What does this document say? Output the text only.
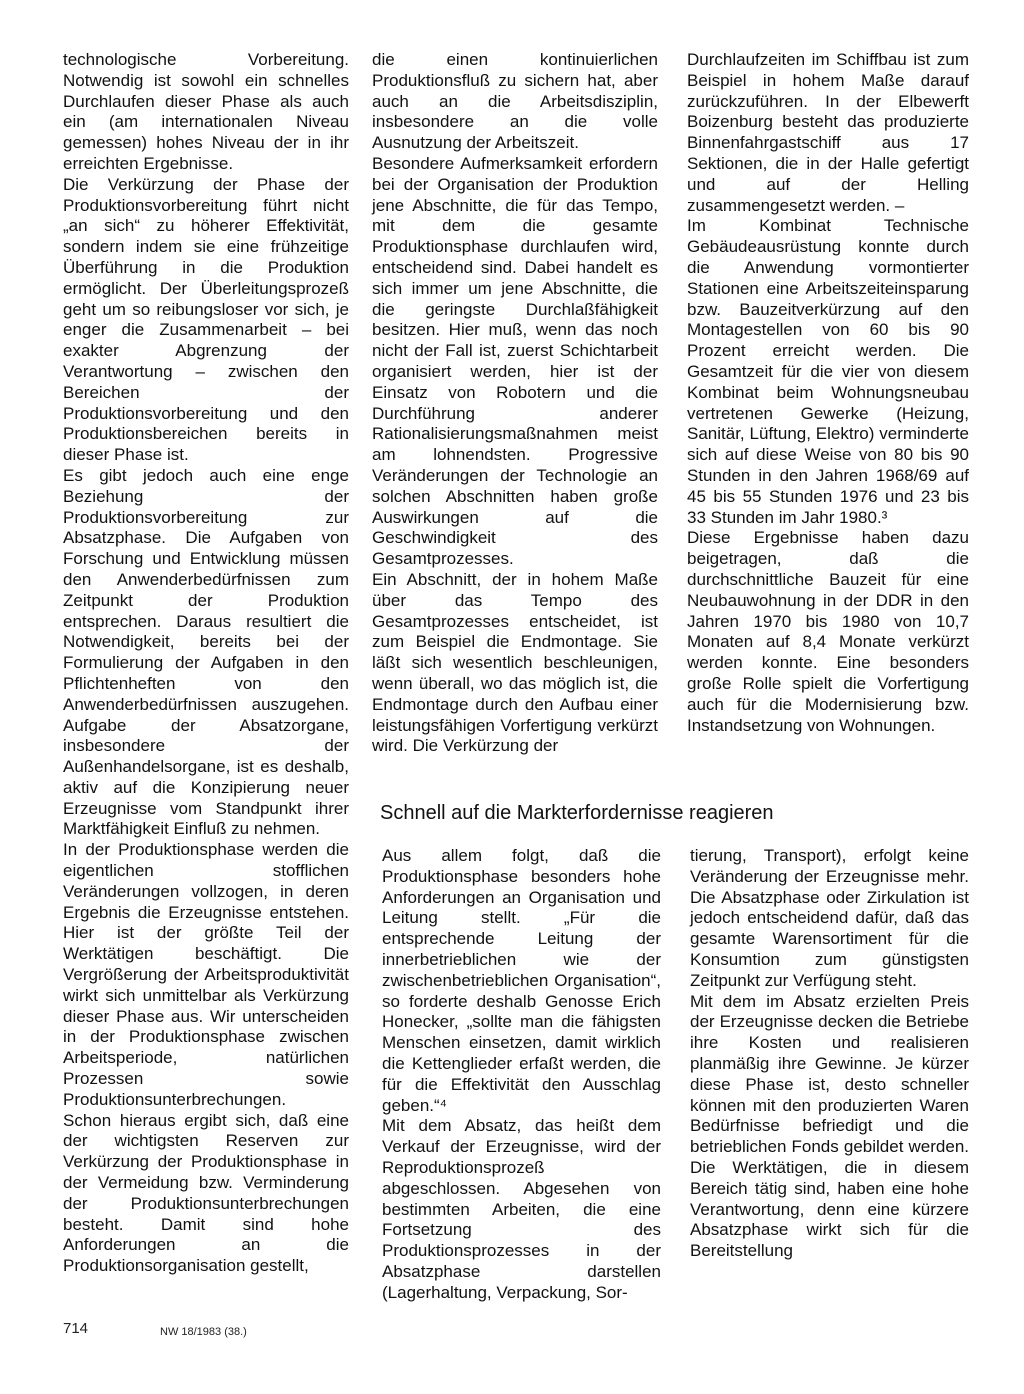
technologische Vorbereitung. Notwendig ist sowohl ein schnelles Durchlaufen dieser Phase als auch ein (am internationalen Niveau gemessen) hohes Niveau der in ihr erreichten Ergebnisse.

Die Verkürzung der Phase der Produktionsvorbereitung führt nicht „an sich“ zu höherer Effektivität, sondern indem sie eine frühzeitige Überführung in die Produktion ermöglicht. Der Überleitungsprozeß geht um so reibungsloser vor sich, je enger die Zusammenarbeit – bei exakter Abgrenzung der Verantwortung – zwischen den Bereichen der Produktionsvorbereitung und den Produktionsbereichen bereits in dieser Phase ist.

Es gibt jedoch auch eine enge Beziehung der Produktionsvorbereitung zur Absatzphase. Die Aufgaben von Forschung und Entwicklung müssen den Anwenderbedürfnissen zum Zeitpunkt der Produktion entsprechen. Daraus resultiert die Notwendigkeit, bereits bei der Formulierung der Aufgaben in den Pflichtenheften von den Anwenderbedürfnissen auszugehen. Aufgabe der Absatzorgane, insbesondere der Außenhandelsorgane, ist es deshalb, aktiv auf die Konzipierung neuer Erzeugnisse vom Standpunkt ihrer Marktfähigkeit Einfluß zu nehmen.

In der Produktionsphase werden die eigentlichen stofflichen Veränderungen vollzogen, in deren Ergebnis die Erzeugnisse entstehen. Hier ist der größte Teil der Werktätigen beschäftigt. Die Vergrößerung der Arbeitsproduktivität wirkt sich unmittelbar als Verkürzung dieser Phase aus. Wir unterscheiden in der Produktionsphase zwischen Arbeitsperiode, natürlichen Prozessen sowie Produktionsunterbrechungen.

Schon hieraus ergibt sich, daß eine der wichtigsten Reserven zur Verkürzung der Produktionsphase in der Vermeidung bzw. Verminderung der Produktionsunterbrechungen besteht. Damit sind hohe Anforderungen an die Produktionsorganisation gestellt,

die einen kontinuierlichen Produktionsfluß zu sichern hat, aber auch an die Arbeitsdisziplin, insbesondere an die volle Ausnutzung der Arbeitszeit.

Besondere Aufmerksamkeit erfordern bei der Organisation der Produktion jene Abschnitte, die für das Tempo, mit dem die gesamte Produktionsphase durchlaufen wird, entscheidend sind. Dabei handelt es sich immer um jene Abschnitte, die die geringste Durchlaßfähigkeit besitzen. Hier muß, wenn das noch nicht der Fall ist, zuerst Schichtarbeit organisiert werden, hier ist der Einsatz von Robotern und die Durchführung anderer Rationalisierungsmaßnahmen meist am lohnendsten. Progressive Veränderungen der Technologie an solchen Abschnitten haben große Auswirkungen auf die Geschwindigkeit des Gesamtprozesses.

Ein Abschnitt, der in hohem Maße über das Tempo des Gesamtprozesses entscheidet, ist zum Beispiel die Endmontage. Sie läßt sich wesentlich beschleunigen, wenn überall, wo das möglich ist, die Endmontage durch den Aufbau einer leistungsfähigen Vorfertigung verkürzt wird. Die Verkürzung der

Durchlaufzeiten im Schiffbau ist zum Beispiel in hohem Maße darauf zurückzuführen. In der Elbewerft Boizenburg besteht das produzierte Binnenfahrgastschiff aus 17 Sektionen, die in der Halle gefertigt und auf der Helling zusammengesetzt werden. –

Im Kombinat Technische Gebäudeausrüstung konnte durch die Anwendung vormontierter Stationen eine Arbeitszeiteinsparung bzw. Bauzeitverkürzung auf den Montagestellen von 60 bis 90 Prozent erreicht werden. Die Gesamtzeit für die vier von diesem Kombinat beim Wohnungsneubau vertretenen Gewerke (Heizung, Sanitär, Lüftung, Elektro) verminderte sich auf diese Weise von 80 bis 90 Stunden in den Jahren 1968/69 auf 45 bis 55 Stunden 1976 und 23 bis 33 Stunden im Jahr 1980.³

Diese Ergebnisse haben dazu beigetragen, daß die durchschnittliche Bauzeit für eine Neubauwohnung in der DDR in den Jahren 1970 bis 1980 von 10,7 Monaten auf 8,4 Monate verkürzt werden konnte. Eine besonders große Rolle spielt die Vorfertigung auch für die Modernisierung bzw. Instandsetzung von Wohnungen.

Schnell auf die Markterfordernisse reagieren

Aus allem folgt, daß die Produktionsphase besonders hohe Anforderungen an Organisation und Leitung stellt. „Für die entsprechende Leitung der innerbetrieblichen wie der zwischenbetrieblichen Organisation“, so forderte deshalb Genosse Erich Honecker, „sollte man die fähigsten Menschen einsetzen, damit wirklich die Kettenglieder erfaßt werden, die für die Effektivität den Ausschlag geben.“⁴

Mit dem Absatz, das heißt dem Verkauf der Erzeugnisse, wird der Reproduktionsprozeß abgeschlossen. Abgesehen von bestimmten Arbeiten, die eine Fortsetzung des Produktionsprozesses in der Absatzphase darstellen (Lagerhaltung, Verpackung, Sor-

tierung, Transport), erfolgt keine Veränderung der Erzeugnisse mehr. Die Absatzphase oder Zirkulation ist jedoch entscheidend dafür, daß das gesamte Warensortiment für die Konsumtion zum günstigsten Zeitpunkt zur Verfügung steht.

Mit dem im Absatz erzielten Preis der Erzeugnisse decken die Betriebe ihre Kosten und realisieren planmäßig ihre Gewinne. Je kürzer diese Phase ist, desto schneller können mit den produzierten Waren Bedürfnisse befriedigt und die betrieblichen Fonds gebildet werden. Die Werktätigen, die in diesem Bereich tätig sind, haben eine hohe Verantwortung, denn eine kürzere Absatzphase wirkt sich für die Bereitstellung

714	NW 18/1983 (38.)
